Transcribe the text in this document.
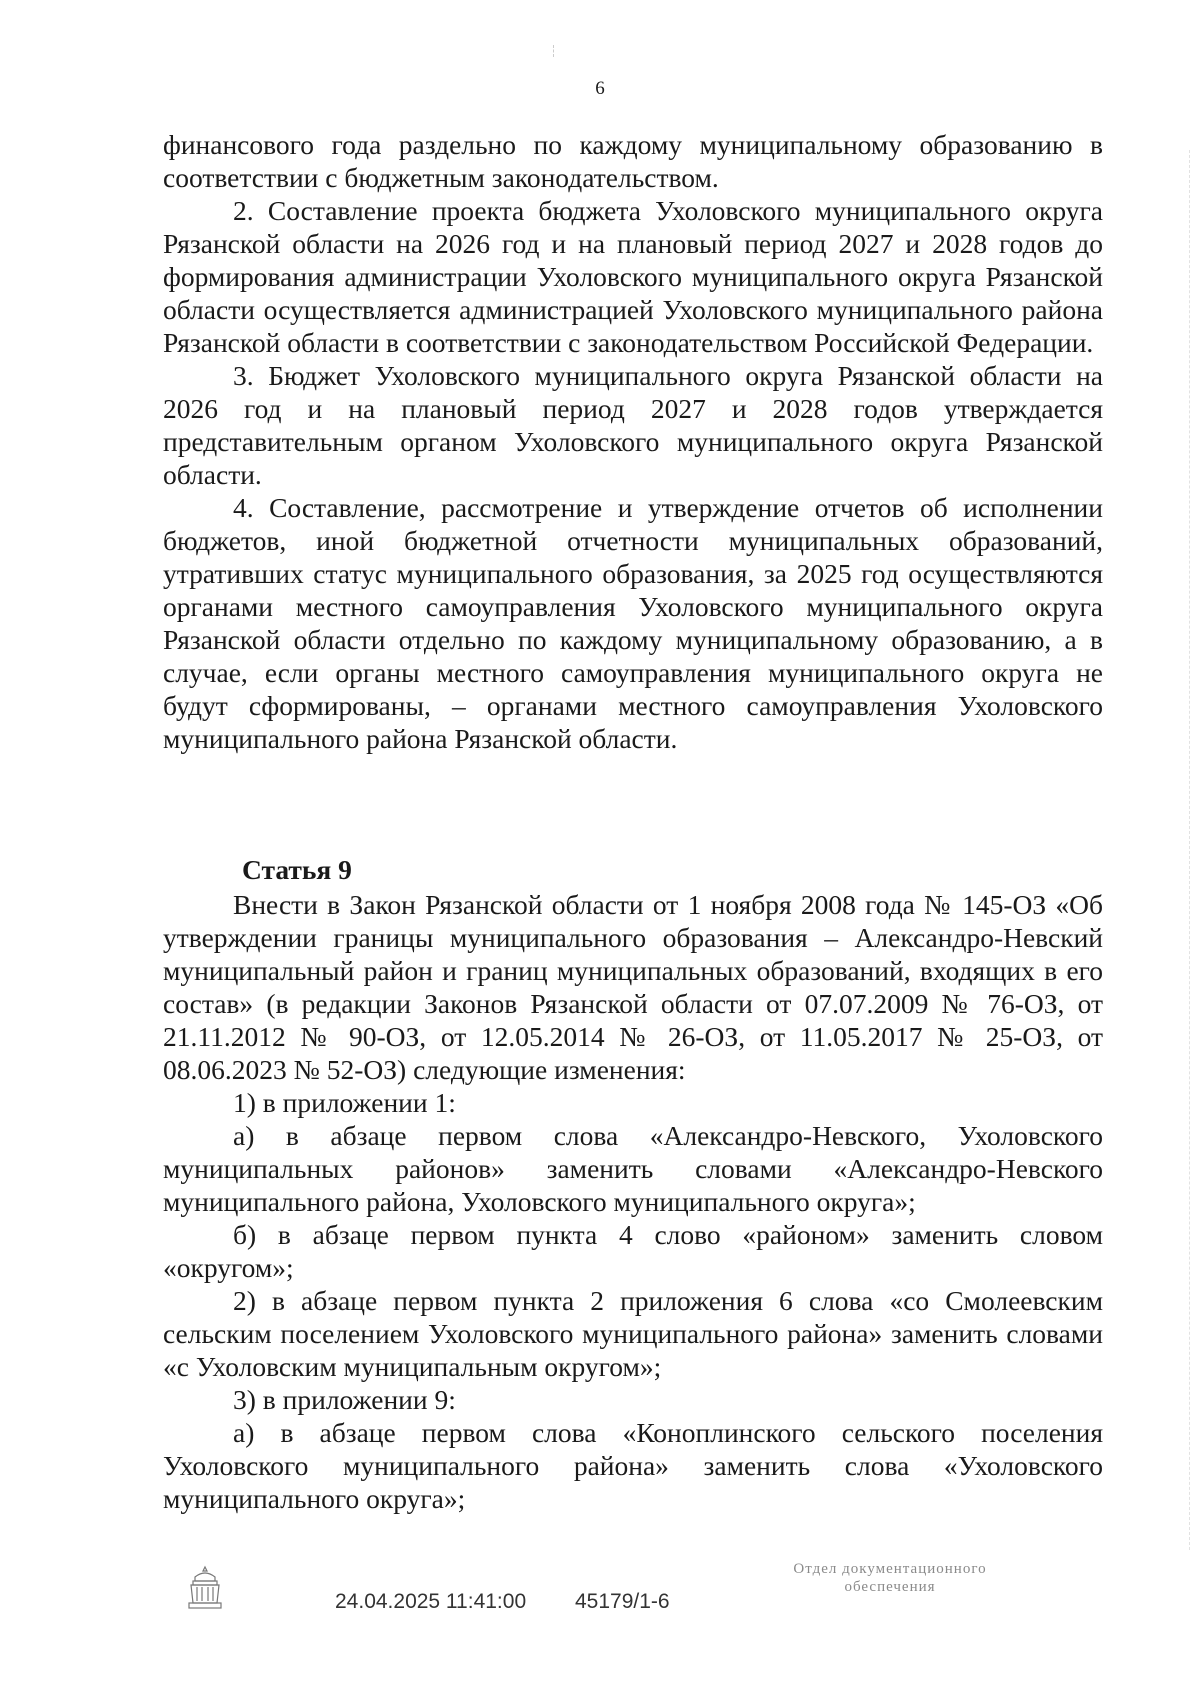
6

финансового года раздельно по каждому муниципальному образованию в соответствии с бюджетным законодательством.

2. Составление проекта бюджета Ухоловского муниципального округа Рязанской области на 2026 год и на плановый период 2027 и 2028 годов до формирования администрации Ухоловского муниципального округа Рязанской области осуществляется администрацией Ухоловского муниципального района Рязанской области в соответствии с законодательством Российской Федерации.

3. Бюджет Ухоловского муниципального округа Рязанской области на 2026 год и на плановый период 2027 и 2028 годов утверждается представительным органом Ухоловского муниципального округа Рязанской области.

4. Составление, рассмотрение и утверждение отчетов об исполнении бюджетов, иной бюджетной отчетности муниципальных образований, утративших статус муниципального образования, за 2025 год осуществляются органами местного самоуправления Ухоловского муниципального округа Рязанской области отдельно по каждому муниципальному образованию, а в случае, если органы местного самоуправления муниципального округа не будут сформированы, – органами местного самоуправления Ухоловского муниципального района Рязанской области.

Статья 9

Внести в Закон Рязанской области от 1 ноября 2008 года № 145-ОЗ «Об утверждении границы муниципального образования – Александро-Невский муниципальный район и границ муниципальных образований, входящих в его состав» (в редакции Законов Рязанской области от 07.07.2009 № 76-ОЗ, от 21.11.2012 № 90-ОЗ, от 12.05.2014 № 26-ОЗ, от 11.05.2017 № 25-ОЗ, от 08.06.2023 № 52-ОЗ) следующие изменения:

1) в приложении 1:

а) в абзаце первом слова «Александро-Невского, Ухоловского муниципальных районов» заменить словами «Александро-Невского муниципального района, Ухоловского муниципального округа»;

б) в абзаце первом пункта 4 слово «районом» заменить словом «округом»;

2) в абзаце первом пункта 2 приложения 6 слова «со Смолеевским сельским поселением Ухоловского муниципального района» заменить словами «с Ухоловским муниципальным округом»;

3) в приложении 9:

а) в абзаце первом слова «Коноплинского сельского поселения Ухоловского муниципального района» заменить слова «Ухоловского муниципального округа»;

24.04.2025 11:41:00 45179/1-6
Отдел документационного
обеспечения
